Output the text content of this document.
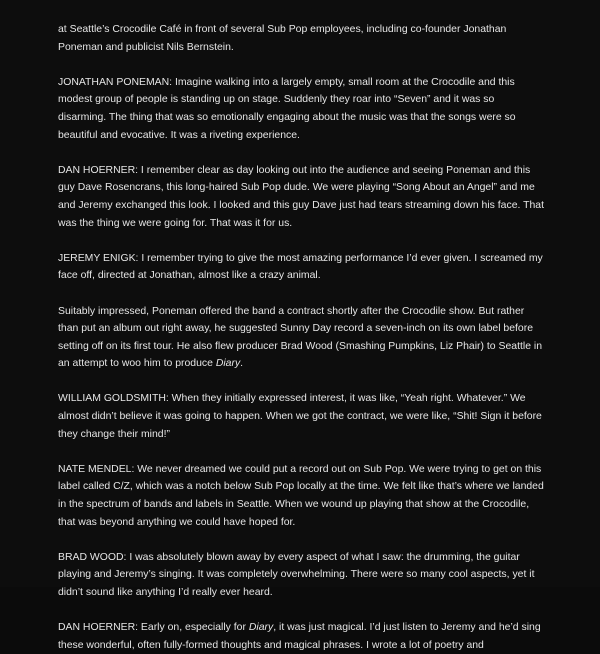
at Seattle’s Crocodile Café in front of several Sub Pop employees, including co-founder Jonathan Poneman and publicist Nils Bernstein.

JONATHAN PONEMAN: Imagine walking into a largely empty, small room at the Crocodile and this modest group of people is standing up on stage. Suddenly they roar into “Seven” and it was so disarming. The thing that was so emotionally engaging about the music was that the songs were so beautiful and evocative. It was a riveting experience.

DAN HOERNER: I remember clear as day looking out into the audience and seeing Poneman and this guy Dave Rosencrans, this long-haired Sub Pop dude. We were playing “Song About an Angel” and me and Jeremy exchanged this look. I looked and this guy Dave just had tears streaming down his face. That was the thing we were going for. That was it for us.

JEREMY ENIGK: I remember trying to give the most amazing performance I’d ever given. I screamed my face off, directed at Jonathan, almost like a crazy animal.

Suitably impressed, Poneman offered the band a contract shortly after the Crocodile show. But rather than put an album out right away, he suggested Sunny Day record a seven-inch on its own label before setting off on its first tour. He also flew producer Brad Wood (Smashing Pumpkins, Liz Phair) to Seattle in an attempt to woo him to produce Diary.

WILLIAM GOLDSMITH: When they initially expressed interest, it was like, “Yeah right. Whatever.” We almost didn’t believe it was going to happen. When we got the contract, we were like, “Shit! Sign it before they change their mind!”

NATE MENDEL: We never dreamed we could put a record out on Sub Pop. We were trying to get on this label called C/Z, which was a notch below Sub Pop locally at the time. We felt like that’s where we landed in the spectrum of bands and labels in Seattle. When we wound up playing that show at the Crocodile, that was beyond anything we could have hoped for.

BRAD WOOD: I was absolutely blown away by every aspect of what I saw: the drumming, the guitar playing and Jeremy’s singing. It was completely overwhelming. There were so many cool aspects, yet it didn’t sound like anything I’d really ever heard.

DAN HOERNER: Early on, especially for Diary, it was just magical. I’d just listen to Jeremy and he’d sing these wonderful, often fully-formed thoughts and magical phrases. I wrote a lot of poetry and
